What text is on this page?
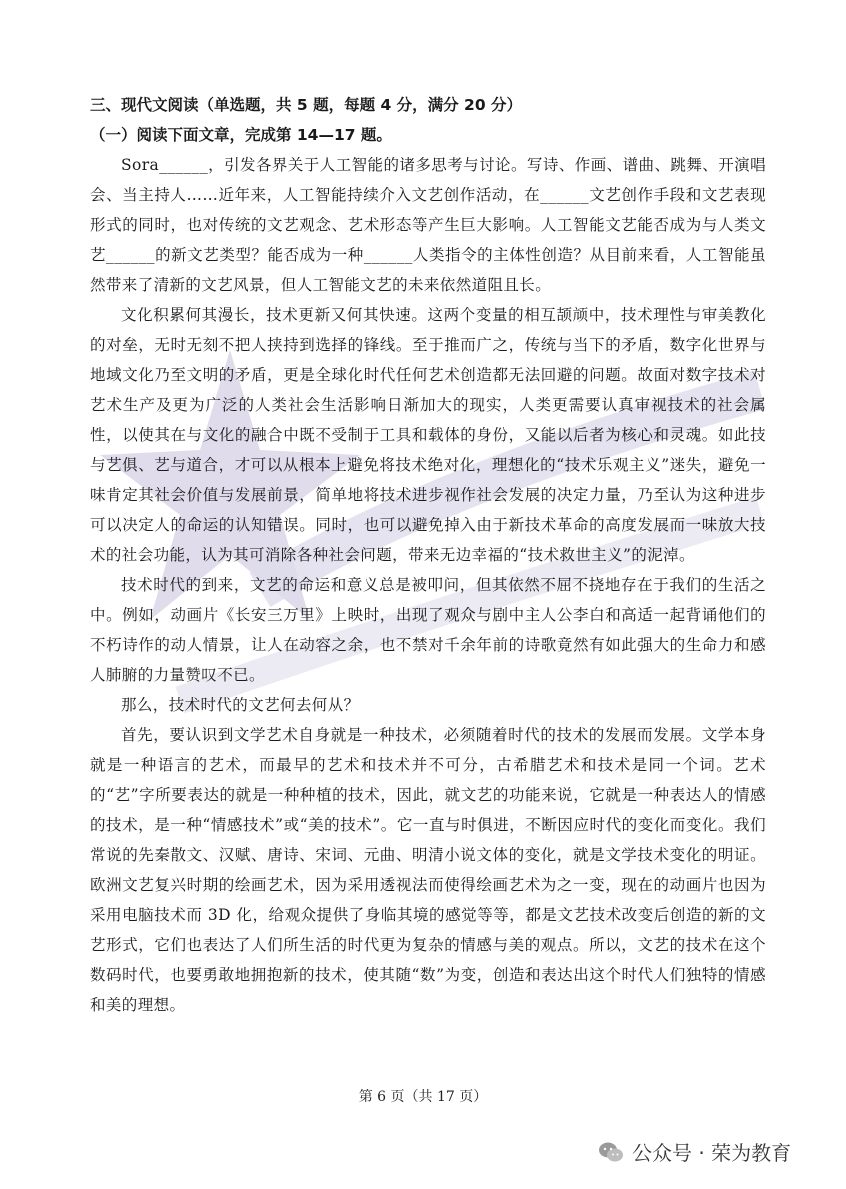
三、现代文阅读（单选题，共 5 题，每题 4 分，满分 20 分）

（一）阅读下面文章，完成第 14—17 题。

Sora______，引发各界关于人工智能的诸多思考与讨论。写诗、作画、谱曲、跳舞、开演唱会、当主持人……近年来，人工智能持续介入文艺创作活动，在______文艺创作手段和文艺表现形式的同时，也对传统的文艺观念、艺术形态等产生巨大影响。人工智能文艺能否成为与人类文艺______的新文艺类型？能否成为一种______人类指令的主体性创造？从目前来看，人工智能虽然带来了清新的文艺风景，但人工智能文艺的未来依然道阻且长。

文化积累何其漫长，技术更新又何其快速。这两个变量的相互颉颃中，技术理性与审美教化的对垒，无时无刻不把人挟持到选择的锋线。至于推而广之，传统与当下的矛盾，数字化世界与地域文化乃至文明的矛盾，更是全球化时代任何艺术创造都无法回避的问题。故面对数字技术对艺术生产及更为广泛的人类社会生活影响日渐加大的现实，人类更需要认真审视技术的社会属性，以使其在与文化的融合中既不受制于工具和载体的身份，又能以后者为核心和灵魂。如此技与艺俱、艺与道合，才可以从根本上避免将技术绝对化，理想化的“技术乐观主义”迷失，避免一味肯定其社会价值与发展前景，简单地将技术进步视作社会发展的决定力量，乃至认为这种进步可以决定人的命运的认知错误。同时，也可以避免掉入由于新技术革命的高度发展而一味放大技术的社会功能，认为其可消除各种社会问题，带来无边幸福的“技术救世主义”的泥淖。

技术时代的到来，文艺的命运和意义总是被叩问，但其依然不屈不挠地存在于我们的生活之中。例如，动画片《长安三万里》上映时，出现了观众与剧中主人公李白和高适一起背诵他们的不朽诗作的动人情景，让人在动容之余，也不禁对千余年前的诗歌竟然有如此强大的生命力和感人肺腑的力量赞叹不已。

那么，技术时代的文艺何去何从？

首先，要认识到文学艺术自身就是一种技术，必须随着时代的技术的发展而发展。文学本身就是一种语言的艺术，而最早的艺术和技术并不可分，古希腊艺术和技术是同一个词。艺术的“艺”字所要表达的就是一种种植的技术，因此，就文艺的功能来说，它就是一种表达人的情感的技术，是一种“情感技术”或“美的技术”。它一直与时俱进，不断因应时代的变化而变化。我们常说的先秦散文、汉赋、唐诗、宋词、元曲、明清小说文体的变化，就是文学技术变化的明证。欧洲文艺复兴时期的绘画艺术，因为采用透视法而使得绘画艺术为之一变，现在的动画片也因为采用电脑技术而 3D 化，给观众提供了身临其境的感觉等等，都是文艺技术改变后创造的新的文艺形式，它们也表达了人们所生活的时代更为复杂的情感与美的观点。所以，文艺的技术在这个数码时代，也要勇敢地拥抱新的技术，使其随“数”为变，创造和表达出这个时代人们独特的情感和美的理想。

第 6 页（共 17 页）
公众号 · 荣为教育
